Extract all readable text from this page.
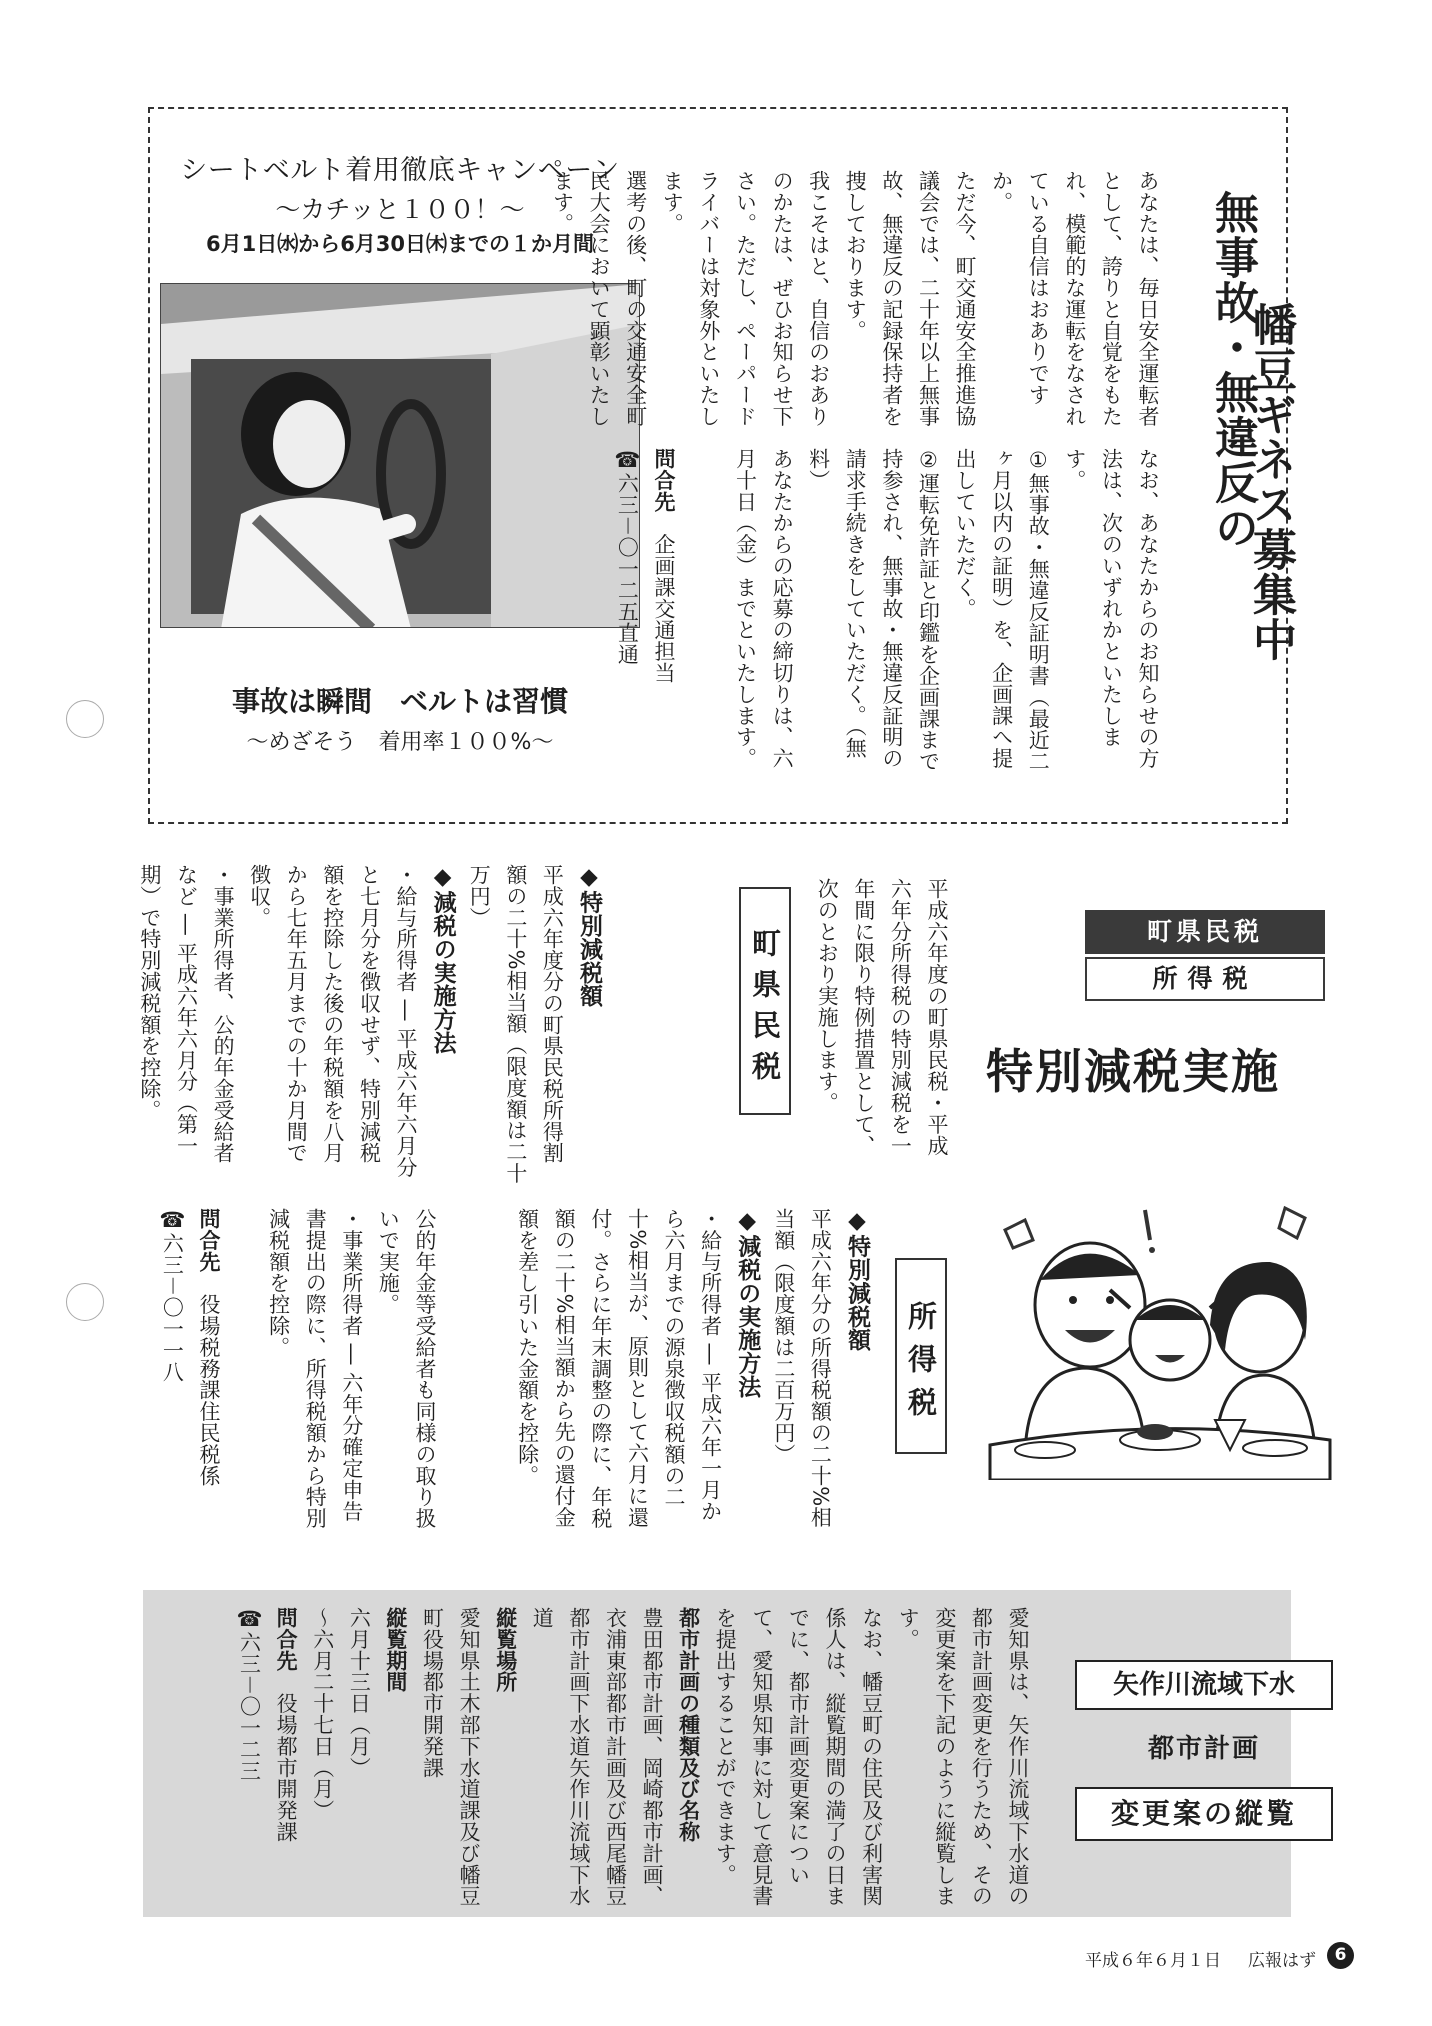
シートベルト着用徹底キャンペーン
～カチッと１００！～
6月1日㈬から6月30日㈭までの１か月間
事故は瞬間　ベルトは習慣
～めざそう　着用率１００%～
無事故・無違反の
幡豆ギネス募集中

あなたは、毎日安全運転者として、誇りと自覚をもたれ、模範的な運転をなされている自信はおありですか。

ただ今、町交通安全推進協議会では、二十年以上無事故、無違反の記録保持者を捜しております。

我こそはと、自信のおありのかたは、ぜひお知らせ下さい。ただし、ペーパードライバーは対象外といたします。

選考の後、町の交通安全町民大会において顕彰いたします。

なお、あなたからのお知らせの方法は、次のいずれかといたします。

①無事故・無違反証明書（最近二ヶ月以内の証明）を、企画課へ提出していただく。

②運転免許証と印鑑を企画課まで持参され、無事故・無違反証明の請求手続きをしていただく。（無料）

あなたからの応募の締切りは、六月十日（金）までといたします。

問合先　企画課交通担当

☎六三－〇一二五直通

町県民税
所得税
特別減税実施

平成六年度の町県民税・平成六年分所得税の特別減税を一年間に限り特例措置として、次のとおり実施します。

町県民税
所得税

◆特別減税額

平成六年分の所得税額の二十%相当額（限度額は二百万円）

◆減税の実施方法

・給与所得者 ― 平成六年一月から六月までの源泉徴収税額の二十%相当が、原則として六月に還付。さらに年末調整の際に、年税額の二十%相当額から先の還付金額を差し引いた金額を控除。

◆特別減税額

平成六年度分の町県民税所得割額の二十%相当額（限度額は二十万円）

◆減税の実施方法

・給与所得者 ― 平成六年六月分と七月分を徴収せず、特別減税額を控除した後の年税額を八月から七年五月までの十か月間で徴収。

・事業所得者、公的年金受給者など ― 平成六年六月分（第一期）で特別減税額を控除。

公的年金等受給者も同様の取り扱いで実施。

・事業所得者 ― 六年分確定申告書提出の際に、所得税額から特別減税額を控除。

問合先　役場税務課住民税係

☎六三－〇一一八

矢作川流域下水
都市計画
変更案の縦覧

愛知県は、矢作川流域下水道の都市計画変更を行うため、その変更案を下記のように縦覧します。

なお、幡豆町の住民及び利害関係人は、縦覧期間の満了の日までに、都市計画変更案について、愛知県知事に対して意見書を提出することができます。

都市計画の種類及び名称

豊田都市計画、岡崎都市計画、衣浦東部都市計画及び西尾幡豆都市計画下水道矢作川流域下水道

縦覧場所

愛知県土木部下水道課及び幡豆町役場都市開発課

縦覧期間

六月十三日（月）

～六月二十七日（月）

問合先　役場都市開発課

☎六三－〇一二三

平成６年６月１日 広報はず	6
